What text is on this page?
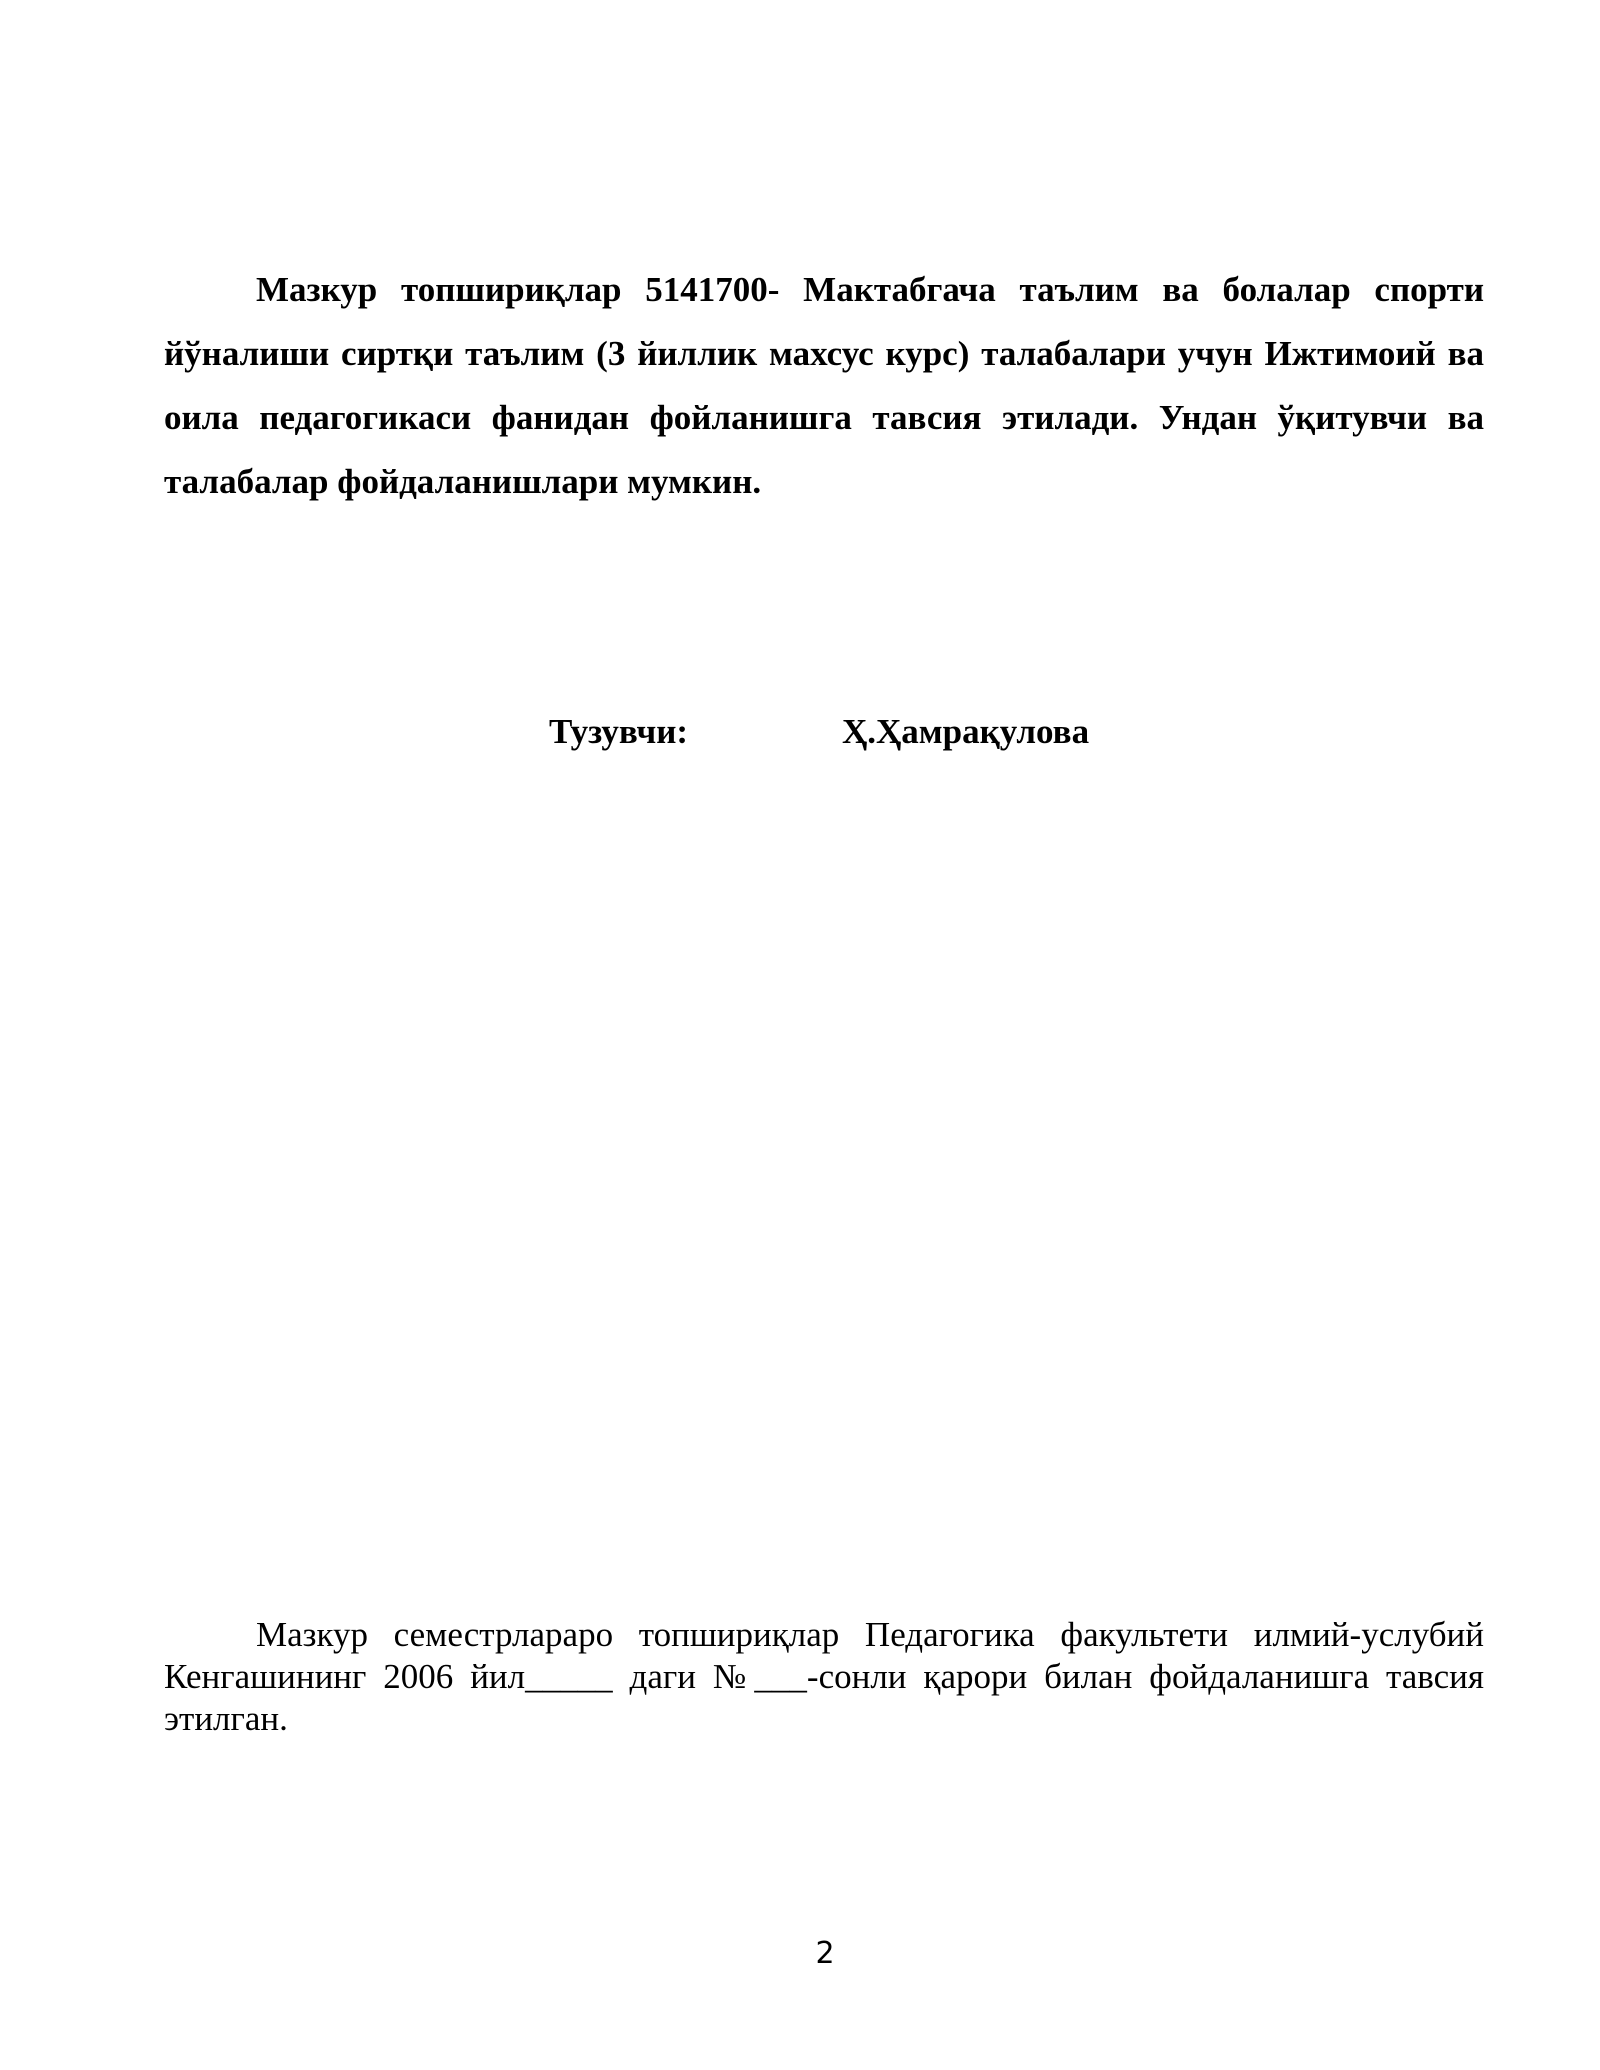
Мазкур топшириқлар 5141700- Мактабгача таълим ва болалар спорти йўналиши сиртқи таълим (3 йиллик махсус курс) талабалари учун Ижтимоий ва оила педагогикаси фанидан фойланишга тавсия этилади. Ундан ўқитувчи ва талабалар фойдаланишлари мумкин.

Тузувчи:	Ҳ.Ҳамрақулова

Мазкур семестрлараро топшириқлар Педагогика факультети илмий-услубий Кенгашининг 2006 йил_____ даги №___-сонли қарори билан фойдаланишга тавсия этилган.

2
